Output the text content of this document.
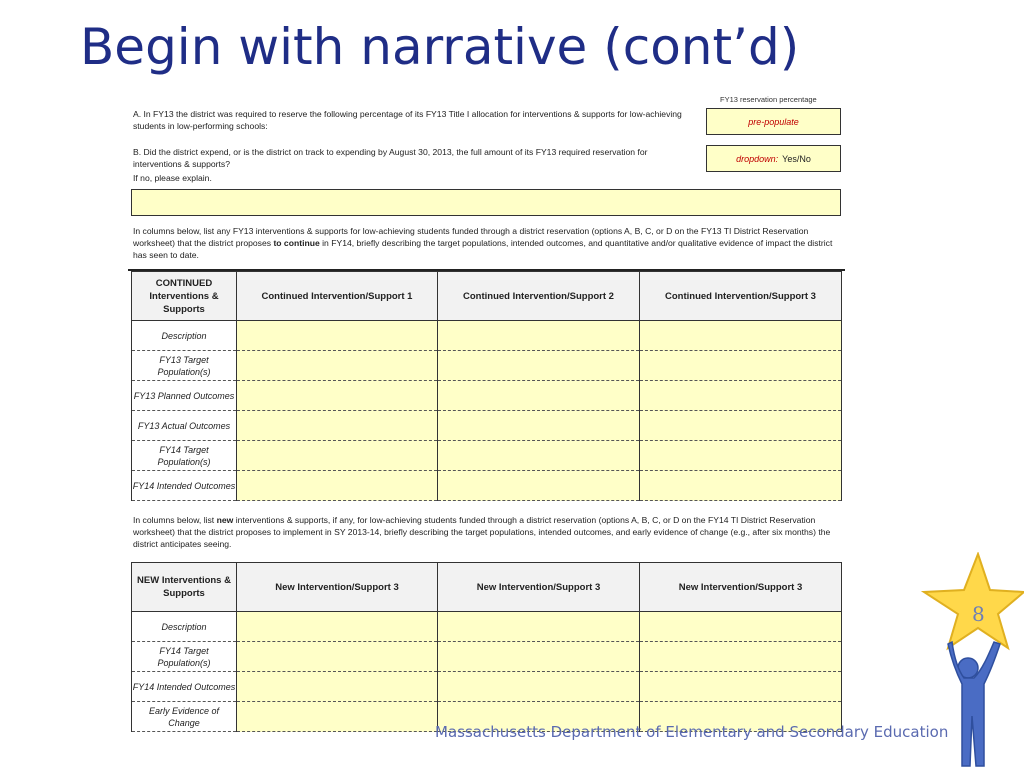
Begin with narrative (cont’d)
FY13 reservation percentage
A. In FY13 the district was required to reserve the following percentage of its FY13 Title I allocation for interventions & supports for low-achieving students in low-performing schools:	pre-populate
B. Did the district expend, or is the district on track to expending by August 30, 2013, the full amount of its FY13 required reservation for interventions & supports?
If no, please explain.
dropdown: Yes/No
In columns below, list any FY13 interventions & supports for low-achieving students funded through a district reservation (options A, B, C, or D on the FY13 TI District Reservation worksheet) that the district proposes to continue in FY14, briefly describing the target populations, intended outcomes, and quantitative and/or qualitative evidence of impact the district has seen to date.
CONTINUED Interventions & Supports	Continued Intervention/Support 1	Continued Intervention/Support 2	Continued Intervention/Support 3
Description			
FY13 Target Population(s)			
FY13 Planned Outcomes			
FY13 Actual Outcomes			
FY14 Target Population(s)			
FY14 Intended Outcomes			
In columns below, list new interventions & supports, if any, for low-achieving students funded through a district reservation (options A, B, C, or D on the FY14 TI District Reservation worksheet) that the district proposes to implement in SY 2013-14, briefly describing the target populations, intended outcomes, and early evidence of change (e.g., after six months) the district anticipates seeing.
NEW Interventions & Supports	New Intervention/Support 3	New Intervention/Support 3	New Intervention/Support 3
Description			
FY14 Target Population(s)			
FY14 Intended Outcomes			
Early Evidence of Change			
Massachusetts Department of Elementary and Secondary Education
8
